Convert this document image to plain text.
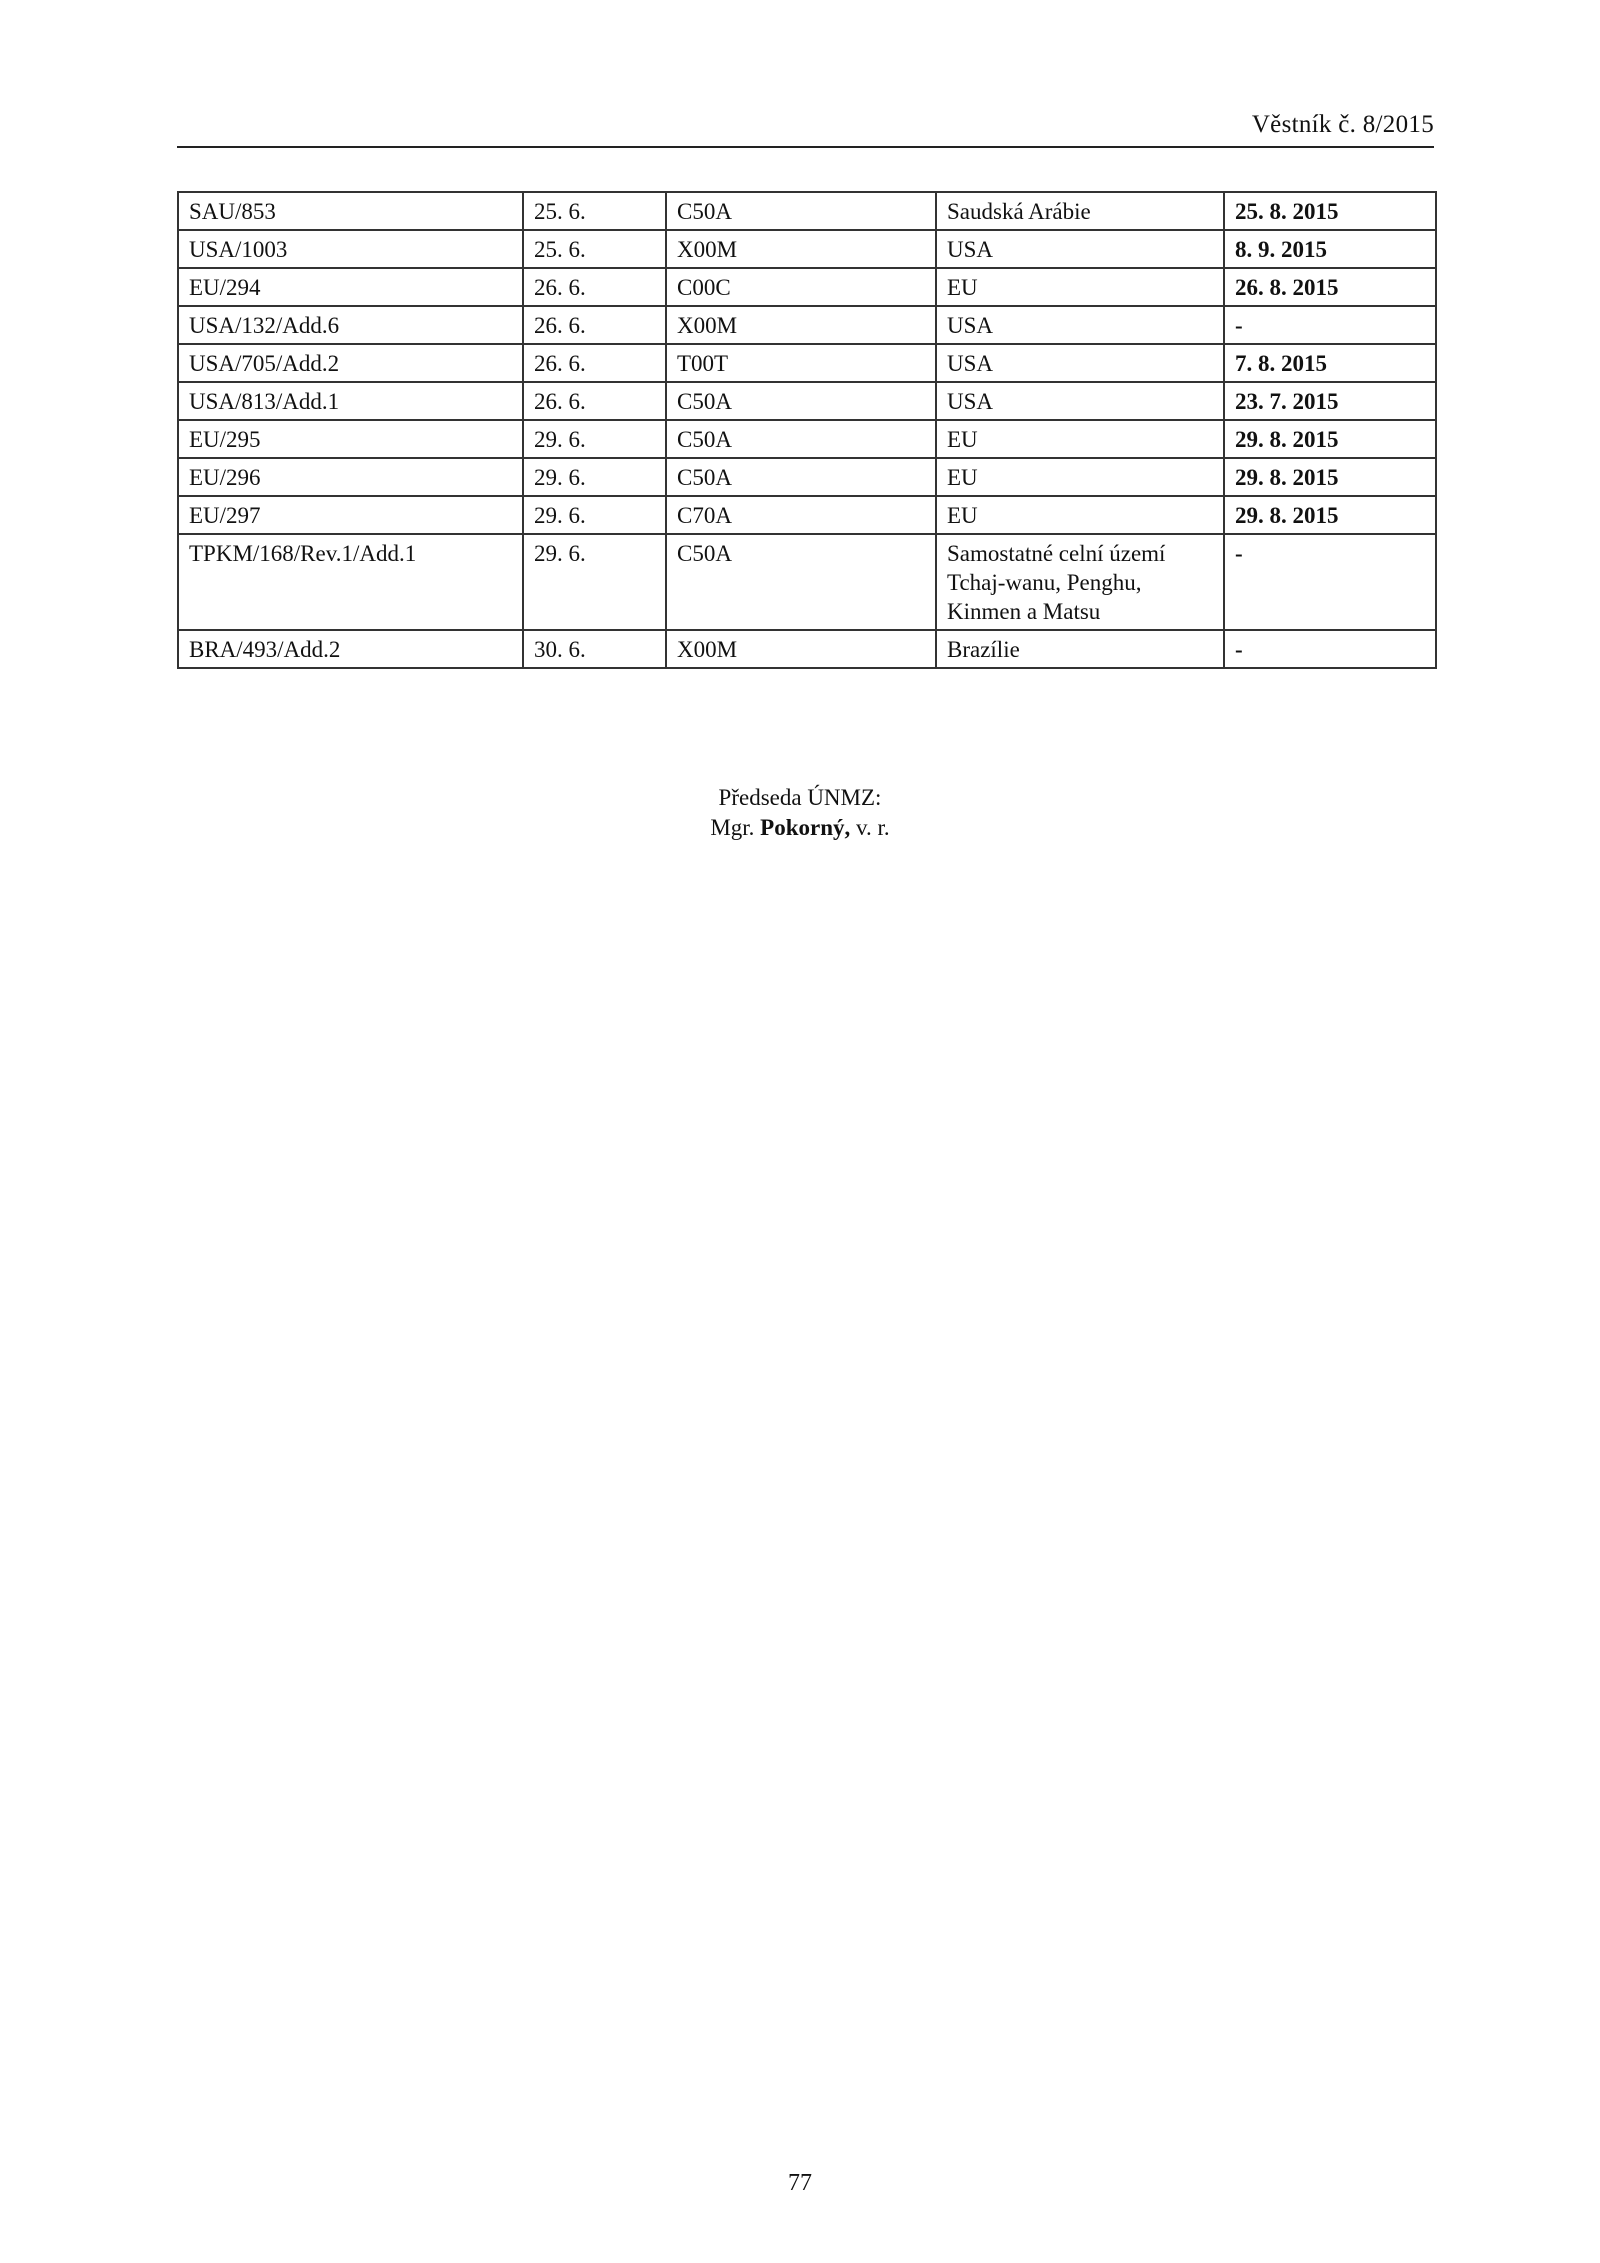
Věstník č. 8/2015
SAU/853	25. 6.	C50A	Saudská Arábie	25. 8. 2015
USA/1003	25. 6.	X00M	USA	8. 9. 2015
EU/294	26. 6.	C00C	EU	26. 8. 2015
USA/132/Add.6	26. 6.	X00M	USA	-
USA/705/Add.2	26. 6.	T00T	USA	7. 8. 2015
USA/813/Add.1	26. 6.	C50A	USA	23. 7. 2015
EU/295	29. 6.	C50A	EU	29. 8. 2015
EU/296	29. 6.	C50A	EU	29. 8. 2015
EU/297	29. 6.	C70A	EU	29. 8. 2015
TPKM/168/Rev.1/Add.1	29. 6.	C50A	Samostatné celní území
Tchaj-wanu, Penghu,
Kinmen a Matsu	-
BRA/493/Add.2	30. 6.	X00M	Brazílie	-
Předseda ÚNMZ:
Mgr. Pokorný, v. r.
77
